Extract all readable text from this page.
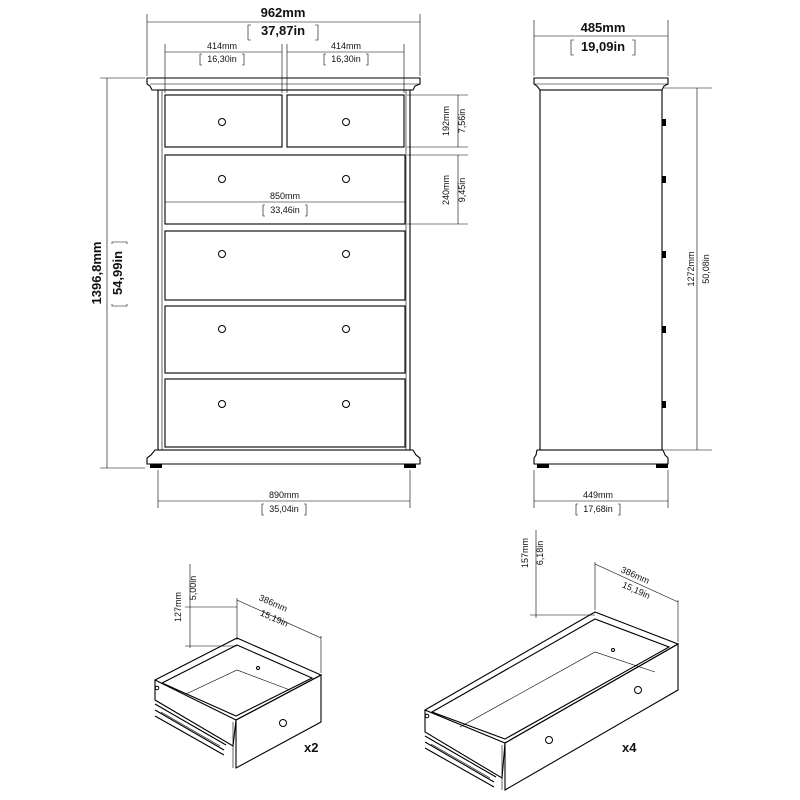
962mm
37,87in
414mm
16,30in
414mm
16,30in
192mm 7,56in
240mm 9,45in
850mm
33,46in
1396,8mm 54,99in
890mm
35,04in
485mm
19,09in
1272mm 50,08in
449mm
17,68in
127mm
5,00in
386mm
15,19in
x2
157mm 6,18in
386mm
15,19in
x4
